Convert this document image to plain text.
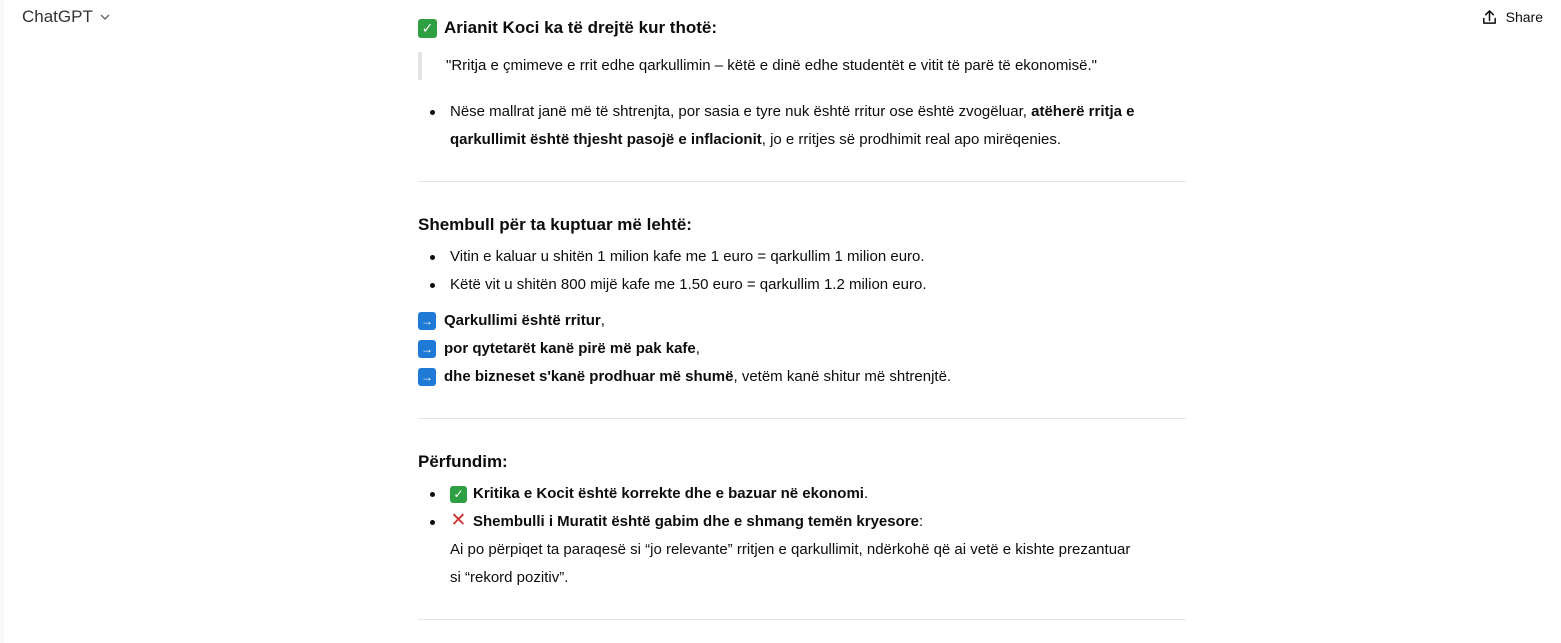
ChatGPT	Share
✓ Arianit Koci ka të drejtë kur thotë:
"Rritja e çmimeve e rrit edhe qarkullimin – këtë e dinë edhe studentët e vitit të parë të ekonomisë."
Nëse mallrat janë më të shtrenjta, por sasia e tyre nuk është rritur ose është zvogëluar, atëherë rritja e
qarkullimit është thjesht pasojë e inflacionit, jo e rritjes së prodhimit real apo mirëqenies.
Shembull për ta kuptuar më lehtë:
Vitin e kaluar u shitën 1 milion kafe me 1 euro = qarkullim 1 milion euro.
Këtë vit u shitën 800 mijë kafe me 1.50 euro = qarkullim 1.2 milion euro.
→ Qarkullimi është rritur ,
→ por qytetarët kanë pirë më pak kafe ,
→ dhe bizneset s'kanë prodhuar më shumë , vetëm kanë shitur më shtrenjtë.
Përfundim:
✓ Kritika e Kocit është korrekte dhe e bazuar në ekonomi.
✕ Shembulli i Muratit është gabim dhe e shmang temën kryesore:
Ai po përpiqet ta paraqesë si “jo relevante” rritjen e qarkullimit, ndërkohë që ai vetë e kishte prezantuar
si “rekord pozitiv”.
